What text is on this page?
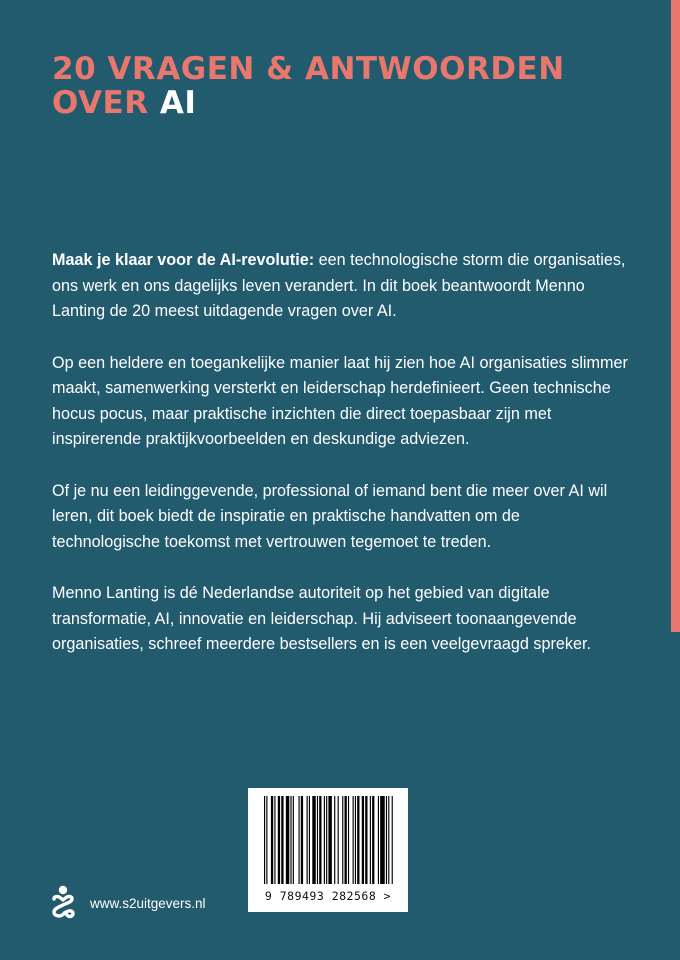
20 VRAGEN & ANTWOORDEN
OVER AI

Maak je klaar voor de AI-revolutie: een technologische storm die organisaties, ons werk en ons dagelijks leven verandert. In dit boek beantwoordt Menno Lanting de 20 meest uitdagende vragen over AI.

Op een heldere en toegankelijke manier laat hij zien hoe AI organisaties slimmer maakt, samenwerking versterkt en leiderschap herdefinieert. Geen technische hocus pocus, maar praktische inzichten die direct toepasbaar zijn met inspirerende praktijkvoorbeelden en deskundige adviezen.

Of je nu een leidinggevende, professional of iemand bent die meer over AI wil leren, dit boek biedt de inspiratie en praktische handvatten om de technologische toekomst met vertrouwen tegemoet te treden.

Menno Lanting is dé Nederlandse autoriteit op het gebied van digitale transformatie, AI, innovatie en leiderschap. Hij adviseert toonaangevende organisaties, schreef meerdere bestsellers en is een veelgevraagd spreker.

9 789493 282568 >
www.s2uitgevers.nl
